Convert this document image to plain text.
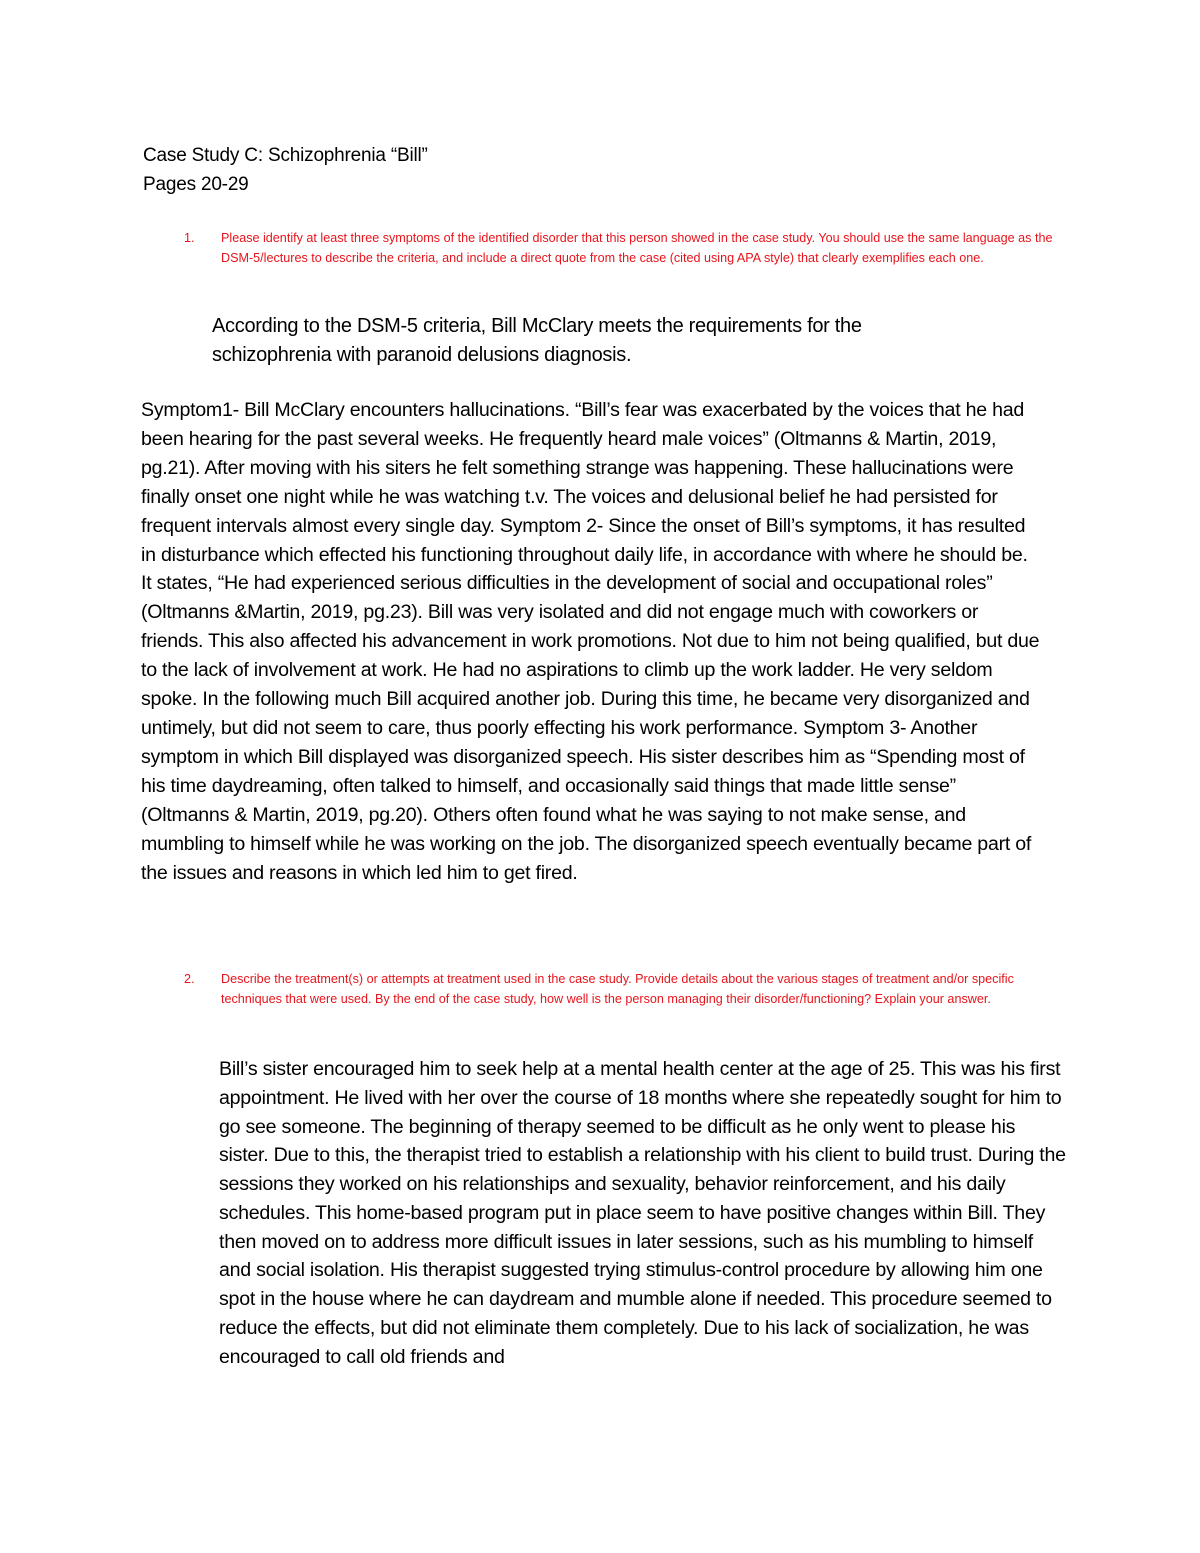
Case Study C: Schizophrenia “Bill”
Pages 20-29
1. Please identify at least three symptoms of the identified disorder that this person showed in the case study. You should use the same language as the DSM-5/lectures to describe the criteria, and include a direct quote from the case (cited using APA style) that clearly exemplifies each one.
According to the DSM-5 criteria, Bill McClary meets the requirements for the schizophrenia with paranoid delusions diagnosis.
Symptom1- Bill McClary encounters hallucinations. “Bill’s fear was exacerbated by the voices that he had been hearing for the past several weeks. He frequently heard male voices” (Oltmanns & Martin, 2019, pg.21). After moving with his siters he felt something strange was happening. These hallucinations were finally onset one night while he was watching t.v. The voices and delusional belief he had persisted for frequent intervals almost every single day. Symptom 2- Since the onset of Bill’s symptoms, it has resulted in disturbance which effected his functioning throughout daily life, in accordance with where he should be. It states, “He had experienced serious difficulties in the development of social and occupational roles” (Oltmanns &Martin, 2019, pg.23). Bill was very isolated and did not engage much with coworkers or friends. This also affected his advancement in work promotions. Not due to him not being qualified, but due to the lack of involvement at work. He had no aspirations to climb up the work ladder. He very seldom spoke. In the following much Bill acquired another job. During this time, he became very disorganized and untimely, but did not seem to care, thus poorly effecting his work performance. Symptom 3- Another symptom in which Bill displayed was disorganized speech. His sister describes him as “Spending most of his time daydreaming, often talked to himself, and occasionally said things that made little sense” (Oltmanns & Martin, 2019, pg.20). Others often found what he was saying to not make sense, and mumbling to himself while he was working on the job. The disorganized speech eventually became part of the issues and reasons in which led him to get fired.
2. Describe the treatment(s) or attempts at treatment used in the case study. Provide details about the various stages of treatment and/or specific techniques that were used. By the end of the case study, how well is the person managing their disorder/functioning? Explain your answer.
Bill’s sister encouraged him to seek help at a mental health center at the age of 25. This was his first appointment. He lived with her over the course of 18 months where she repeatedly sought for him to go see someone. The beginning of therapy seemed to be difficult as he only went to please his sister. Due to this, the therapist tried to establish a relationship with his client to build trust. During the sessions they worked on his relationships and sexuality, behavior reinforcement, and his daily schedules. This home-based program put in place seem to have positive changes within Bill. They then moved on to address more difficult issues in later sessions, such as his mumbling to himself and social isolation. His therapist suggested trying stimulus-control procedure by allowing him one spot in the house where he can daydream and mumble alone if needed. This procedure seemed to reduce the effects, but did not eliminate them completely. Due to his lack of socialization, he was encouraged to call old friends and
